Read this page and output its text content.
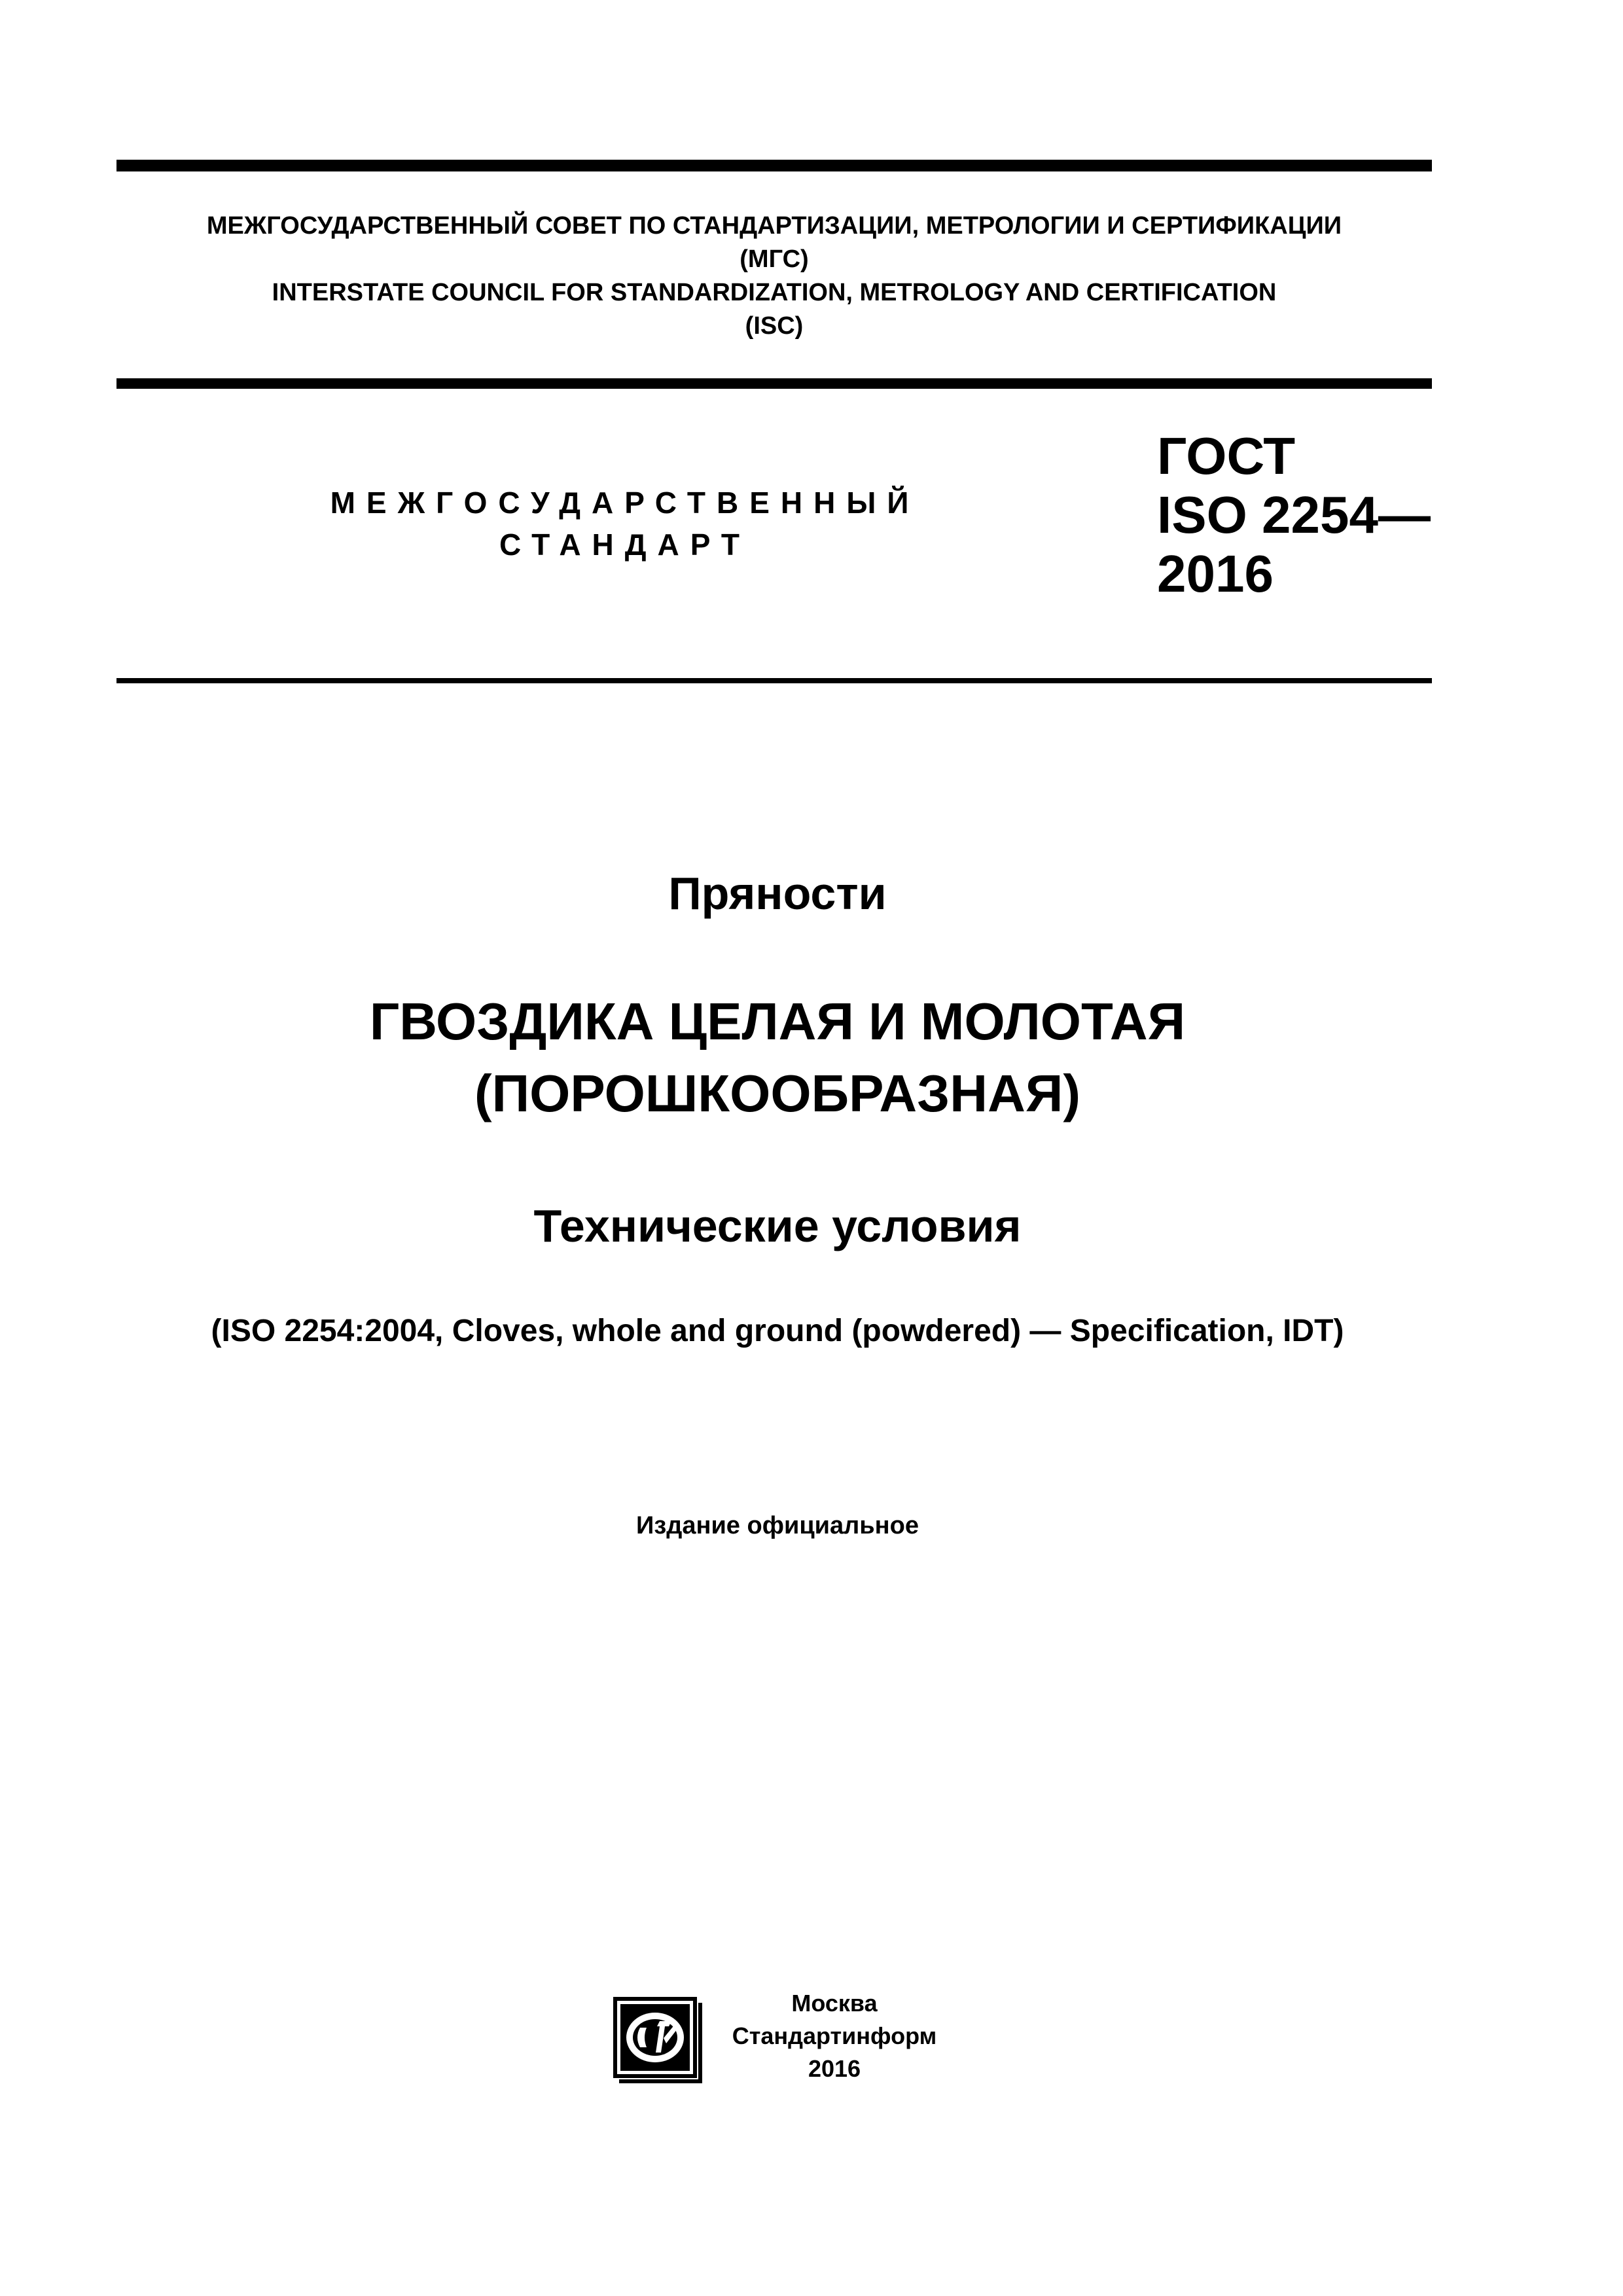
МЕЖГОСУДАРСТВЕННЫЙ СОВЕТ ПО СТАНДАРТИЗАЦИИ, МЕТРОЛОГИИ И СЕРТИФИКАЦИИ
(МГС)
INTERSTATE COUNCIL FOR STANDARDIZATION, METROLOGY AND CERTIFICATION
(ISC)
МЕЖГОСУДАРСТВЕННЫЙ
СТАНДАРТ
ГОСТ
ISO 2254—
2016
Пряности
ГВОЗДИКА ЦЕЛАЯ И МОЛОТАЯ
(ПОРОШКООБРАЗНАЯ)
Технические условия
(ISO 2254:2004, Cloves, whole and ground (powdered) — Specification, IDT)
Издание официальное
Москва
Стандартинформ
2016
